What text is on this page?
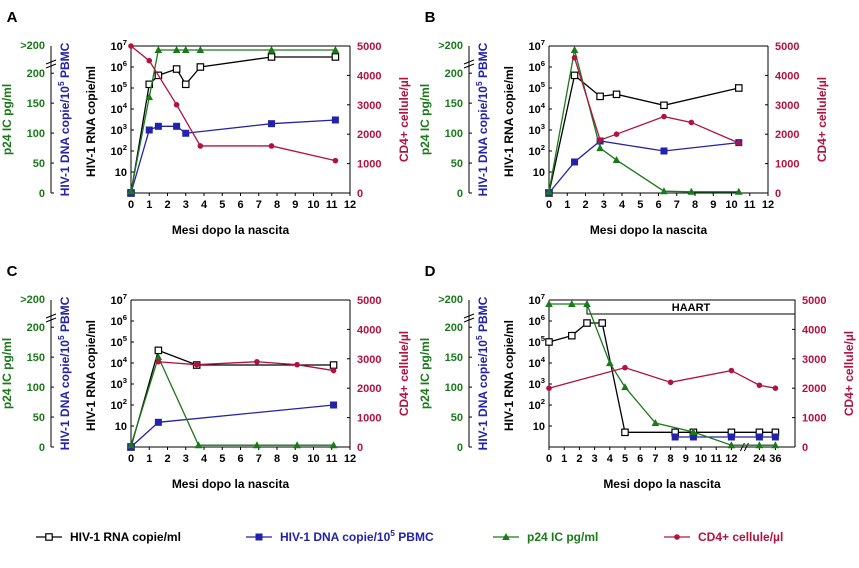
A
0 1 2 3 4 5 6 7 8 9 10 11 12
Mesi dopo la nascita
0
50
100
150
200
>200
p24 IC pg/ml	HIV-1 DNA copie/$10^5$ PBMC
HIV-1 RNA copie/ml	CD4+ cellule/µl
10
$10^2$
$10^3$
$10^4$
$10^5$
$10^6$
$10^7$
0
1000
2000
3000
4000
5000
B
0 1 2 3 4 5 6 7 8 9 10 11 12
Mesi dopo la nascita
0
50
100
150
200
>200
p24 IC pg/ml	HIV-1 DNA copie/$10^5$ PBMC
HIV-1 RNA copie/ml	CD4+ cellule/µl
10
$10^2$
$10^3$
$10^4$
$10^5$
$10^6$
$10^7$
0
1000
2000
3000
4000
5000
C
0 1 2 3 4 5 6 7 8 9 10 11 12
Mesi dopo la nascita
0
50
100
150
200
>200
p24 IC pg/ml	HIV-1 DNA copie/$10^5$ PBMC
HIV-1 RNA copie/ml	CD4+ cellule/µl
10
$10^2$
$10^3$
$10^4$
$10^5$
$10^6$
$10^7$
0
1000
2000
3000
4000
5000
D
0 1 2 3 4 5 6 7 8 9 10 11 12 24 36
Mesi dopo la nascita
0
50
100
150
200
>200
p24 IC pg/ml	HIV-1 DNA copie/$10^5$ PBMC
HIV-1 RNA copie/ml	CD4+ cellule/µl
10
$10^2$
$10^3$
$10^4$
$10^5$
$10^6$
$10^7$
0
1000
2000
3000
4000
5000
HAART
HIV-1 RNA copie/ml	HIV-1 DNA copie/$10^5$ PBMC	p24 IC pg/ml	CD4+ cellule/µl
